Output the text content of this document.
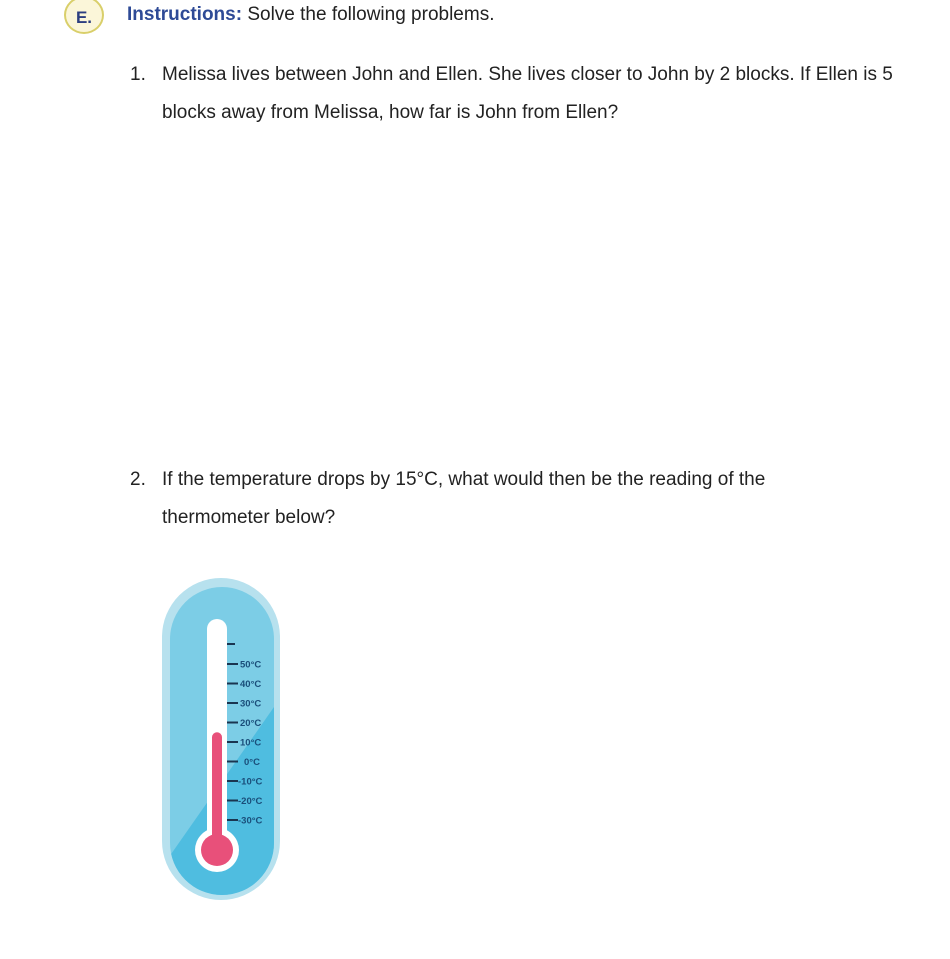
E.	Instructions: Solve the following problems.
1. Melissa lives between John and Ellen. She lives closer to John by 2 blocks. If Ellen is 5 blocks away from Melissa, how far is John from Ellen?
2. If the temperature drops by 15°C, what would then be the reading of the thermometer below?
50°C
40°C
30°C
20°C
10°C
0°C
-10°C
-20°C
-30°C
